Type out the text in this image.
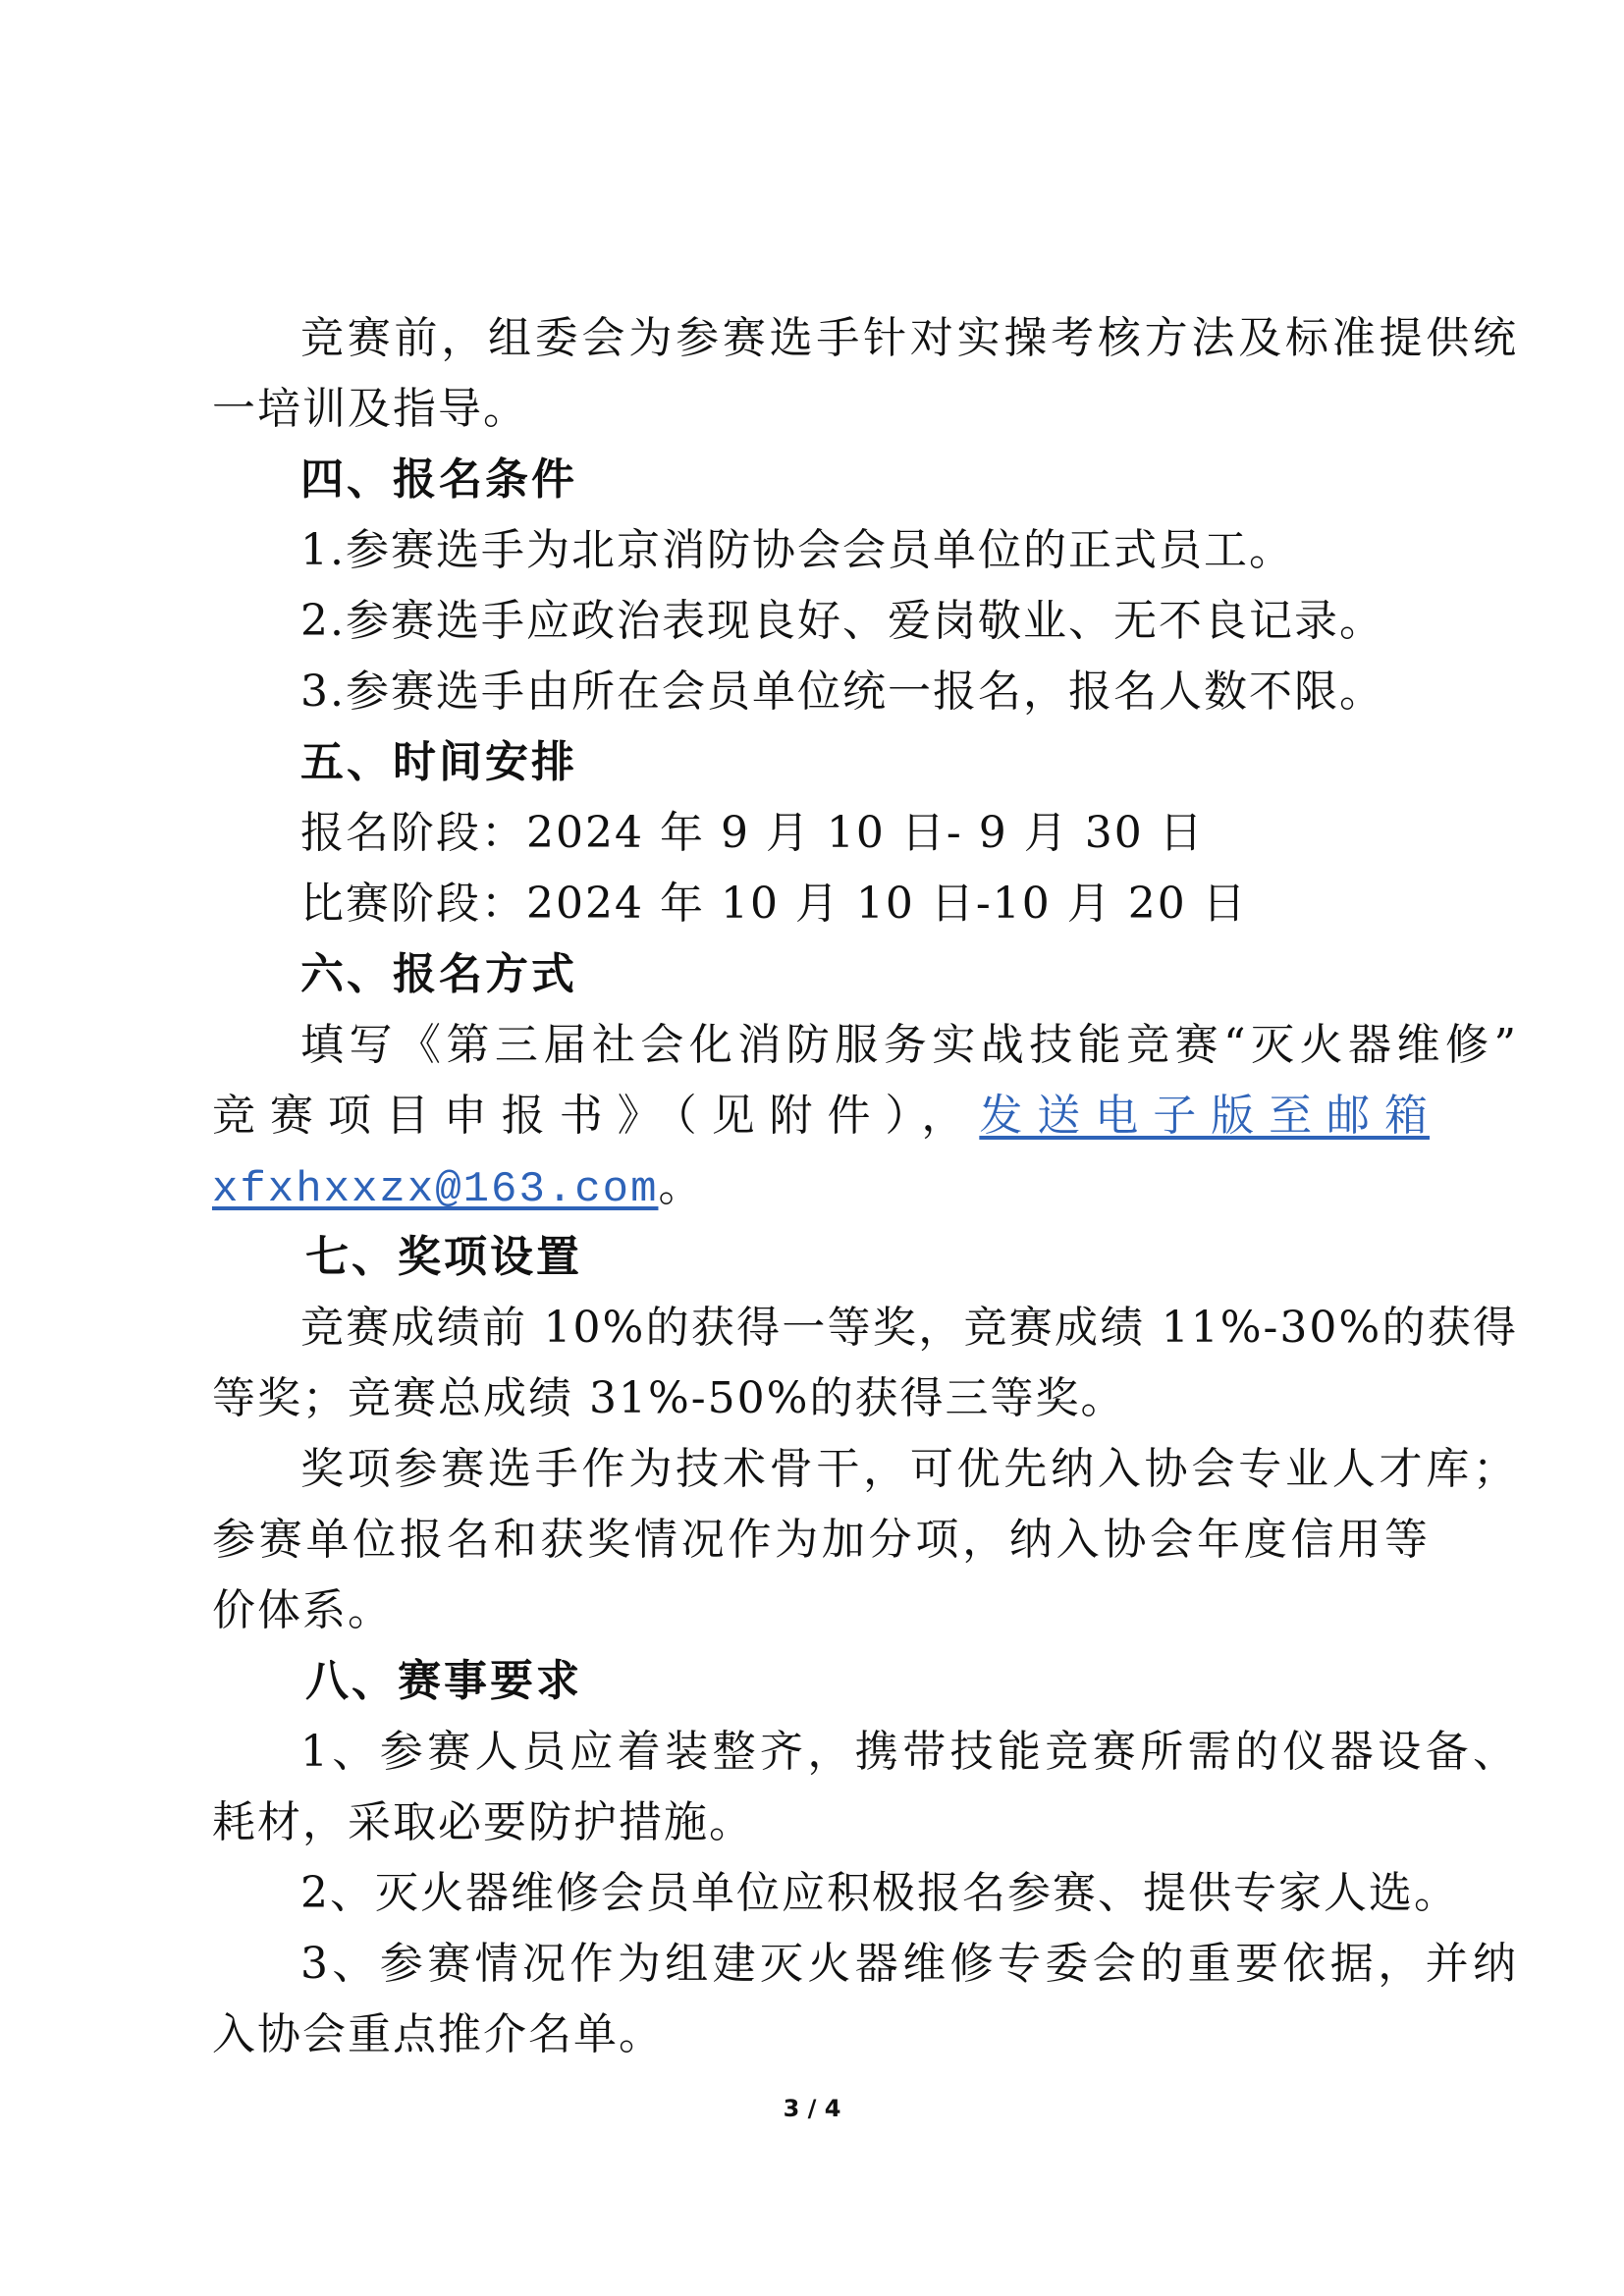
竞赛前，组委会为参赛选手针对实操考核方法及标准提供统
一培训及指导。
四、报名条件
1.参赛选手为北京消防协会会员单位的正式员工。
2.参赛选手应政治表现良好、爱岗敬业、无不良记录。
3.参赛选手由所在会员单位统一报名，报名人数不限。
五、时间安排
报名阶段：2024 年 9 月 10 日- 9 月 30 日
比赛阶段：2024 年 10 月 10 日-10 月 20 日
六、报名方式
填写《第三届社会化消防服务实战技能竞赛“灭火器维修”
竞赛项目申报书》（见附件），发送电子版至邮箱
xfxhxxzx@163.com。
七、奖项设置
竞赛成绩前 10%的获得一等奖，竞赛成绩 11%-30%的获得
等奖；竞赛总成绩 31%-50%的获得三等奖。
奖项参赛选手作为技术骨干，可优先纳入协会专业人才库；
参赛单位报名和获奖情况作为加分项，纳入协会年度信用等
价体系。
八、赛事要求
1、参赛人员应着装整齐，携带技能竞赛所需的仪器设备、
耗材，采取必要防护措施。
2、灭火器维修会员单位应积极报名参赛、提供专家人选。
3、参赛情况作为组建灭火器维修专委会的重要依据，并纳
入协会重点推介名单。
3 / 4
